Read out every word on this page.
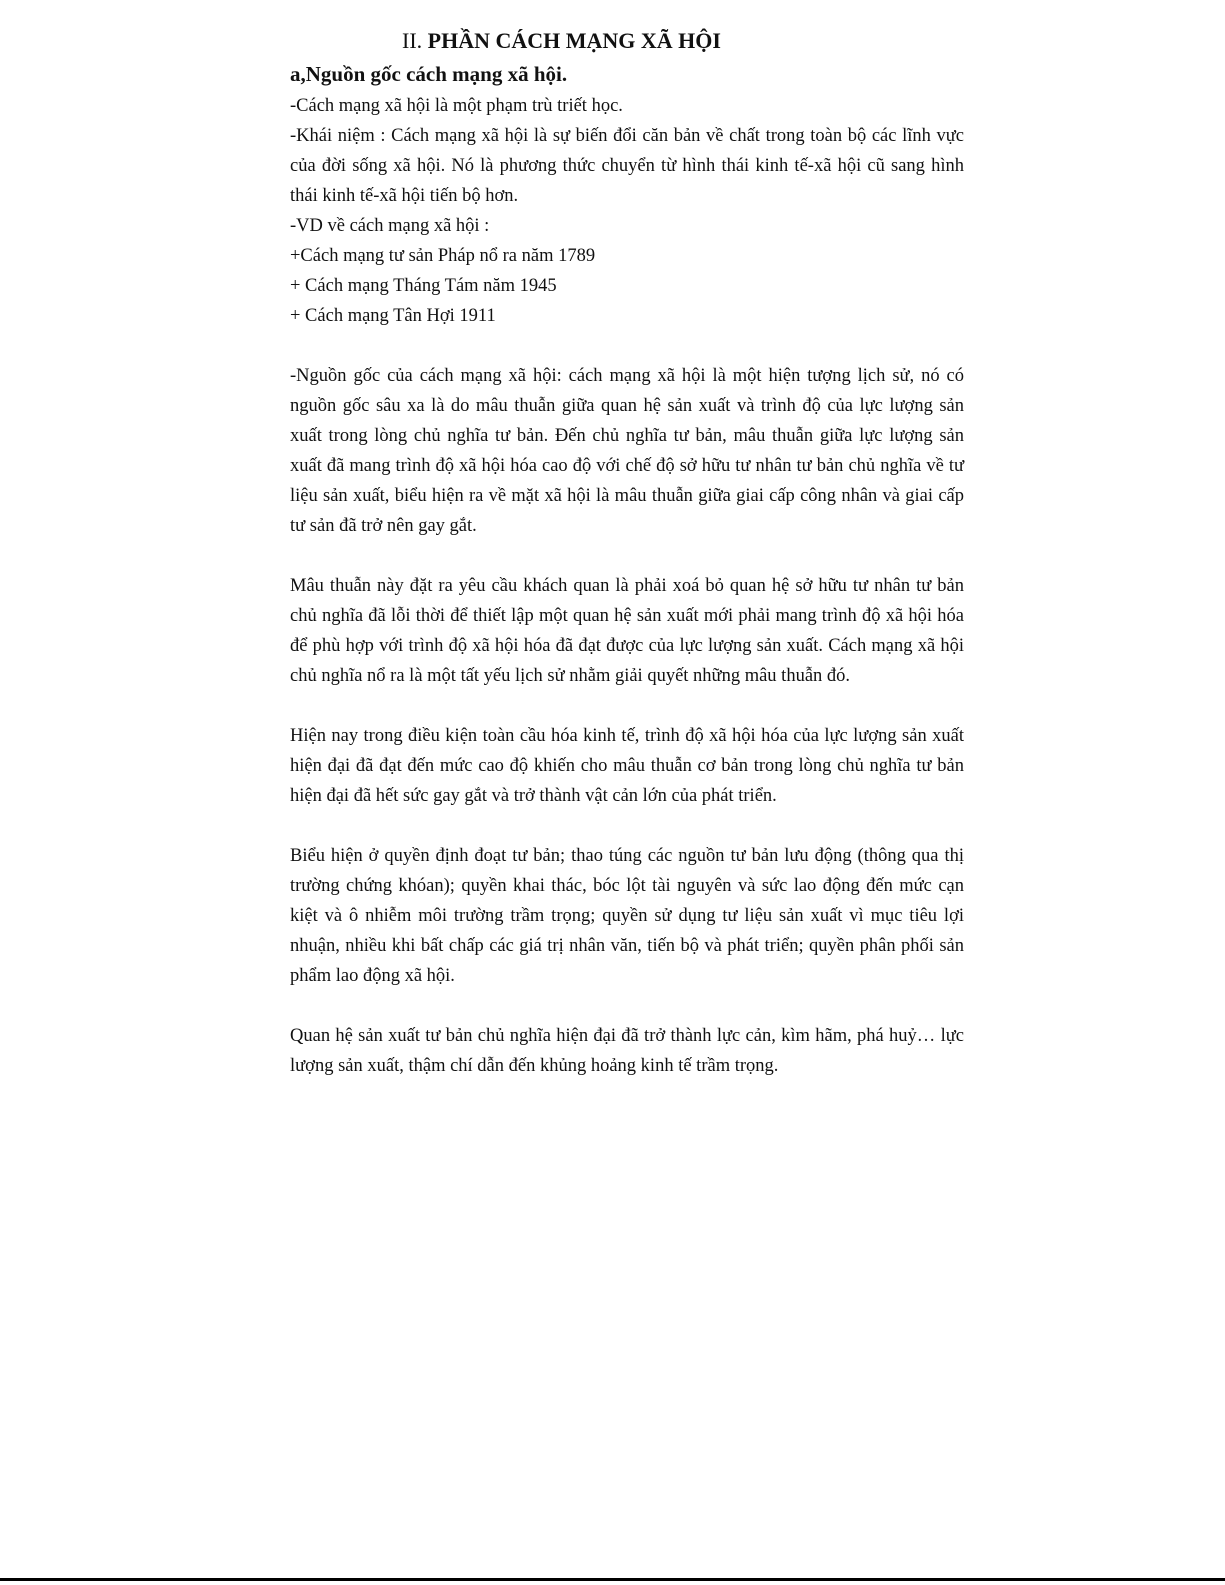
II. PHẦN CÁCH MẠNG XÃ HỘI
a,Nguồn gốc cách mạng xã hội.

-Cách mạng xã hội là một phạm trù triết học.

-Khái niệm : Cách mạng xã hội là sự biến đổi căn bản về chất trong toàn bộ các lĩnh vực của đời sống xã hội. Nó là phương thức chuyển từ hình thái kinh tế-xã hội cũ sang hình thái kinh tế-xã hội tiến bộ hơn.

-VD về cách mạng xã hội :

+Cách mạng tư sản Pháp nổ ra năm 1789

+ Cách mạng Tháng Tám năm 1945

+ Cách mạng Tân Hợi 1911

-Nguồn gốc của cách mạng xã hội: cách mạng xã hội là một hiện tượng lịch sử, nó có nguồn gốc sâu xa là do mâu thuẫn giữa quan hệ sản xuất và trình độ của lực lượng sản xuất trong lòng chủ nghĩa tư bản. Đến chủ nghĩa tư bản, mâu thuẫn giữa lực lượng sản xuất đã mang trình độ xã hội hóa cao độ với chế độ sở hữu tư nhân tư bản chủ nghĩa về tư liệu sản xuất, biểu hiện ra về mặt xã hội là mâu thuẫn giữa giai cấp công nhân và giai cấp tư sản đã trở nên gay gắt.

Mâu thuẫn này đặt ra yêu cầu khách quan là phải xoá bỏ quan hệ sở hữu tư nhân tư bản chủ nghĩa đã lỗi thời để thiết lập một quan hệ sản xuất mới phải mang trình độ xã hội hóa để phù hợp với trình độ xã hội hóa đã đạt được của lực lượng sản xuất. Cách mạng xã hội chủ nghĩa nổ ra là một tất yếu lịch sử nhằm giải quyết những mâu thuẫn đó.

Hiện nay trong điều kiện toàn cầu hóa kinh tế, trình độ xã hội hóa của lực lượng sản xuất hiện đại đã đạt đến mức cao độ khiến cho mâu thuẫn cơ bản trong lòng chủ nghĩa tư bản hiện đại đã hết sức gay gắt và trở thành vật cản lớn của phát triển.

Biểu hiện ở quyền định đoạt tư bản; thao túng các nguồn tư bản lưu động (thông qua thị trường chứng khóan); quyền khai thác, bóc lột tài nguyên và sức lao động đến mức cạn kiệt và ô nhiễm môi trường trầm trọng; quyền sử dụng tư liệu sản xuất vì mục tiêu lợi nhuận, nhiều khi bất chấp các giá trị nhân văn, tiến bộ và phát triển; quyền phân phối sản phẩm lao động xã hội.

Quan hệ sản xuất tư bản chủ nghĩa hiện đại đã trở thành lực cản, kìm hãm, phá huỷ… lực lượng sản xuất, thậm chí dẫn đến khủng hoảng kinh tế trầm trọng.
